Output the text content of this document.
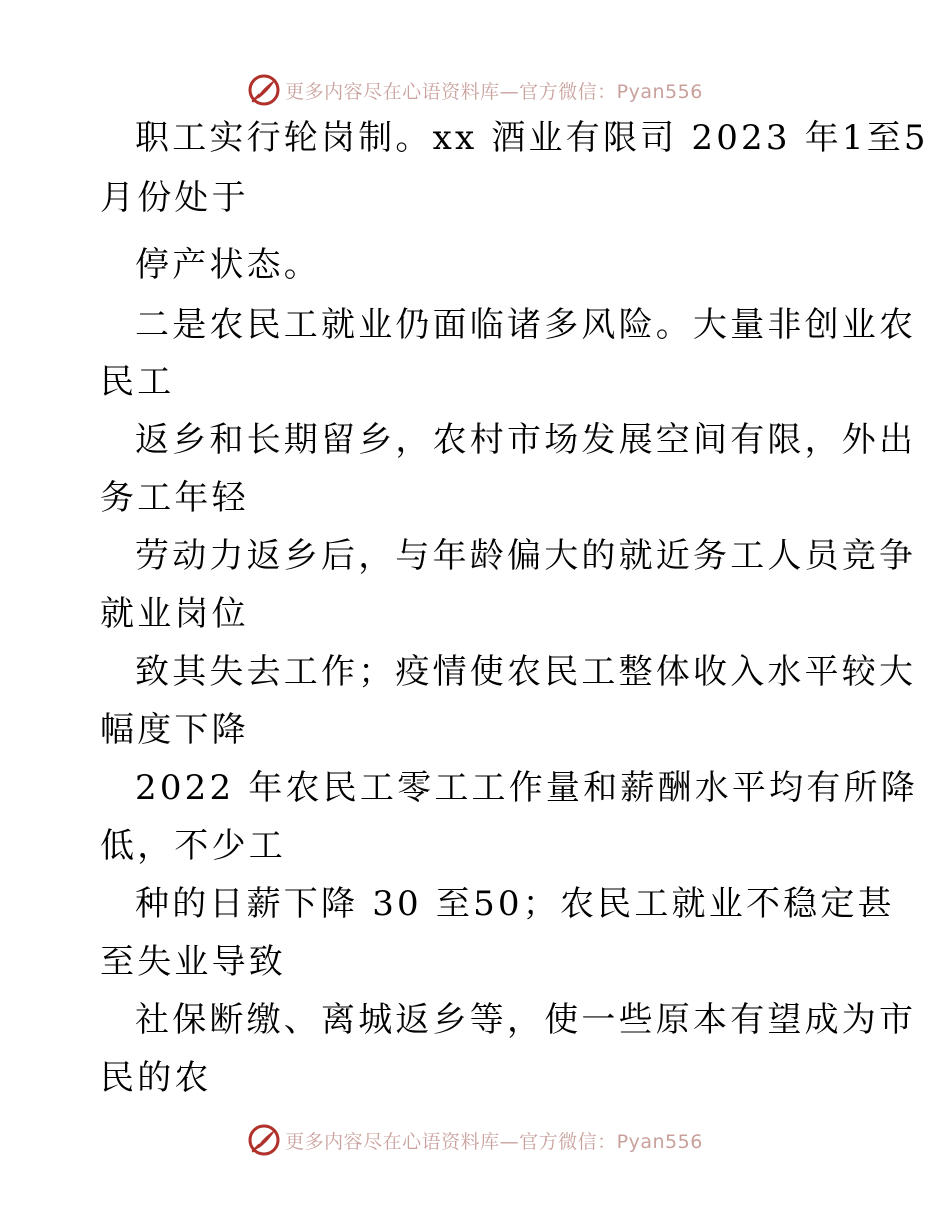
更多内容尽在心语资料库—官方微信：Pyan556
职工实行轮岗制。xx 酒业有限司 2023 年1至5
月份处于
停产状态。
二是农民工就业仍面临诸多风险。大量非创业农
民工
返乡和长期留乡，农村市场发展空间有限，外出
务工年轻
劳动力返乡后，与年龄偏大的就近务工人员竞争
就业岗位
致其失去工作；疫情使农民工整体收入水平较大
幅度下降
2022 年农民工零工工作量和薪酬水平均有所降
低，不少工
种的日薪下降 30 至50；农民工就业不稳定甚
至失业导致
社保断缴、离城返乡等，使一些原本有望成为市
民的农
更多内容尽在心语资料库—官方微信：Pyan556
